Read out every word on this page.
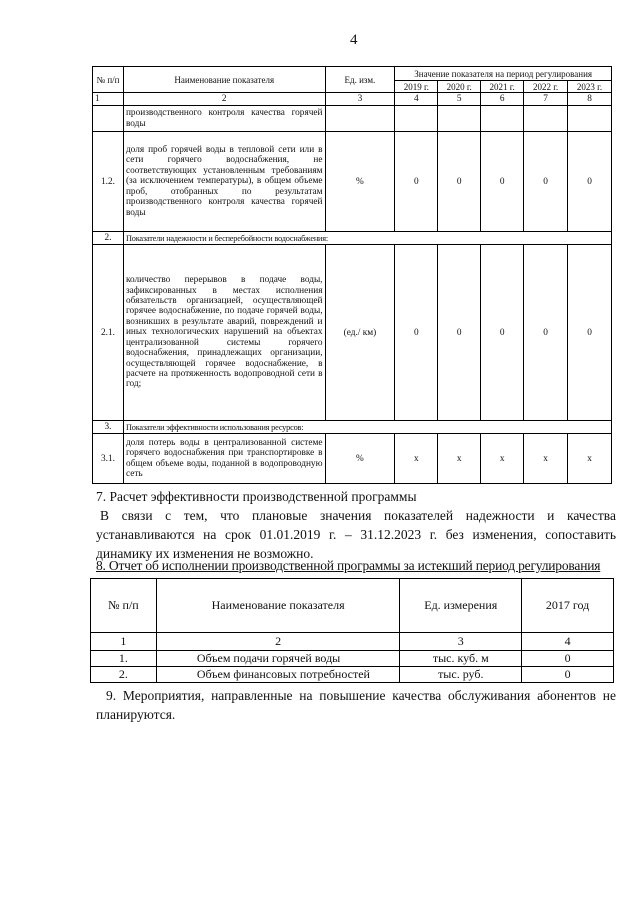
4
№ п/п	Наименование показателя	Ед. изм.	Значение показателя на период регулирования				
			2019 г.	2020 г.	2021 г.	2022 г.	2023 г.
1	2	3	4	5	6	7	8
	производственного контроля качества горячей воды						
1.2.	доля проб горячей воды в тепловой сети или в сети горячего водоснабжения, не соответствующих установленным требованиям (за исключением температуры), в общем объеме проб, отобранных по результатам производственного контроля качества горячей воды	%	0	0	0	0	0
2.	Показатели надежности и бесперебойности водоснабжения:						
2.1.	количество перерывов в подаче воды, зафиксированных в местах исполнения обязательств организацией, осуществляющей горячее водоснабжение, по подаче горячей воды, возникших в результате аварий, повреждений и иных технологических нарушений на объектах централизованной системы горячего водоснабжения, принадлежащих организации, осуществляющей горячее водоснабжение, в расчете на протяженность водопроводной сети в год;	(ед./ км)	0	0	0	0	0
3.	Показатели эффективности использования ресурсов:						
3.1.	доля потерь воды в централизованной системе горячего водоснабжения при транспортировке в общем объеме воды, поданной в водопроводную сеть	%	x	x	x	x	x
7. Расчет эффективности производственной программы
В связи с тем, что плановые значения показателей надежности и качества устанавливаются на срок 01.01.2019 г. – 31.12.2023 г. без изменения, сопоставить динамику их изменения не возможно.
8. Отчет об исполнении производственной программы за истекший период регулирования
№ п/п	Наименование показателя	Ед. измерения	2017 год
1	2	3	4
1.	Объем подачи горячей воды	тыс. куб. м	0
2.	Объем финансовых потребностей	тыс. руб.	0
9. Мероприятия, направленные на повышение качества обслуживания абонентов не планируются.
